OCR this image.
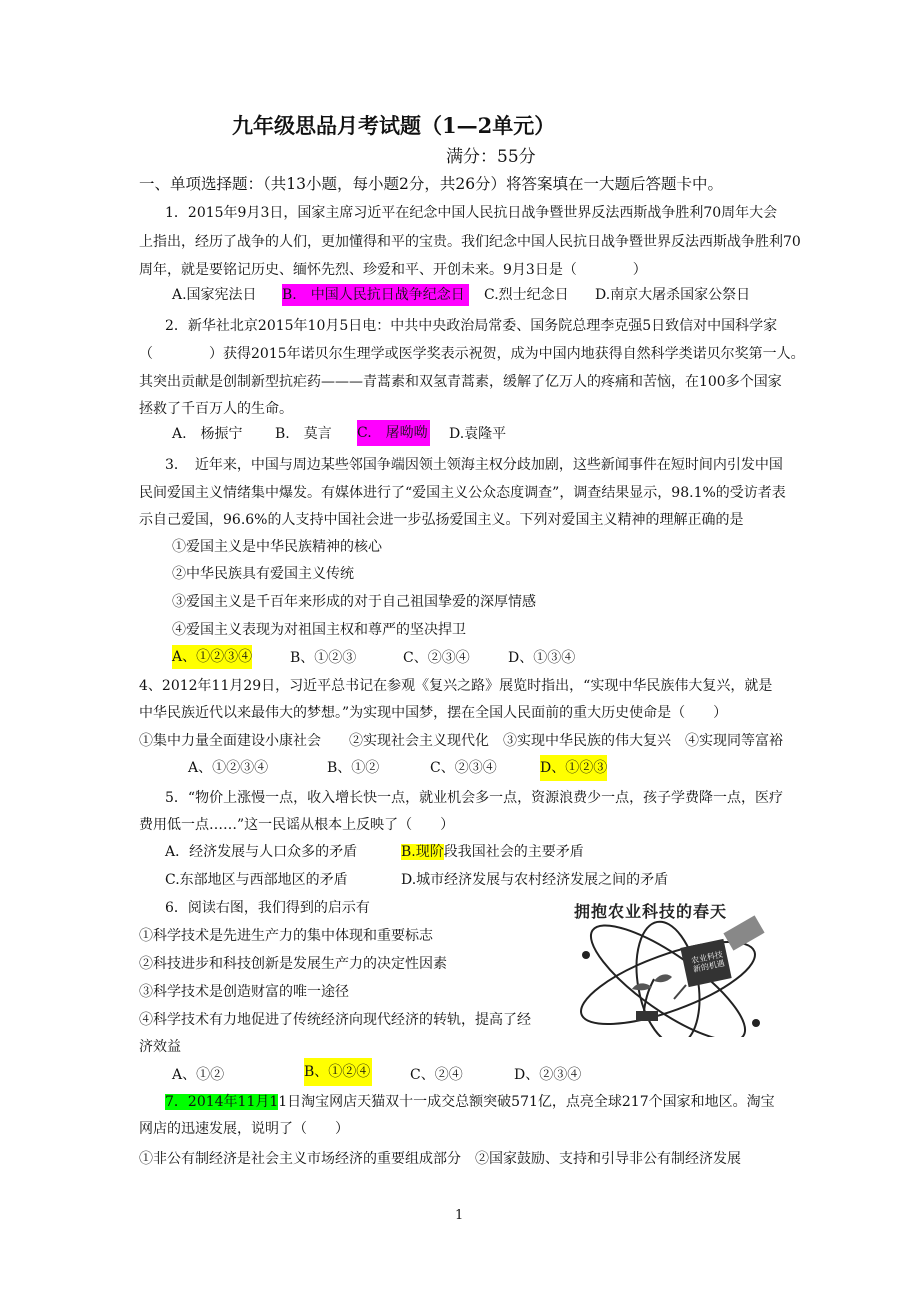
九年级思品月考试题（1—2单元）
满分：55分
一、单项选择题：（共13小题，每小题2分，共26分）将答案填在一大题后答题卡中。
1．2015年9月3日，国家主席习近平在纪念中国人民抗日战争暨世界反法西斯战争胜利70周年大会
上指出，经历了战争的人们，更加懂得和平的宝贵。我们纪念中国人民抗日战争暨世界反法西斯战争胜利70
周年，就是要铭记历史、缅怀先烈、珍爱和平、开创未来。9月3日是（　　　　）
A.国家宪法日 B.　中国人民抗日战争纪念日 C.烈士纪念日 D.南京大屠杀国家公祭日
2．新华社北京2015年10月5日电：中共中央政治局常委、国务院总理李克强5日致信对中国科学家
（　　　　）获得2015年诺贝尔生理学或医学奖表示祝贺，成为中国内地获得自然科学类诺贝尔奖第一人。
其突出贡献是创制新型抗疟药———青蒿素和双氢青蒿素，缓解了亿万人的疼痛和苦恼，在100多个国家
拯救了千百万人的生命。
A.　杨振宁 B.　莫言 C.　屠呦呦 D.袁隆平
3．　近年来，中国与周边某些邻国争端因领土领海主权分歧加剧，这些新闻事件在短时间内引发中国
民间爱国主义情绪集中爆发。有媒体进行了“爱国主义公众态度调查”，调查结果显示，98.1%的受访者表
示自己爱国，96.6%的人支持中国社会进一步弘扬爱国主义。下列对爱国主义精神的理解正确的是
①爱国主义是中华民族精神的核心
②中华民族具有爱国主义传统
③爱国主义是千百年来形成的对于自己祖国挚爱的深厚情感
④爱国主义表现为对祖国主权和尊严的坚决捍卫
A、①②③④	B、①②③	C、②③④	D、①③④
4、2012年11月29日，习近平总书记在参观《复兴之路》展览时指出，“实现中华民族伟大复兴，就是
中华民族近代以来最伟大的梦想。”为实现中国梦，摆在全国人民面前的重大历史使命是（　　）
①集中力量全面建设小康社会　　②实现社会主义现代化　③实现中华民族的伟大复兴　④实现同等富裕
A、①②③④	B、①②	C、②③④	D、①②③
5．“物价上涨慢一点，收入增长快一点，就业机会多一点，资源浪费少一点，孩子学费降一点，医疗
费用低一点……”这一民谣从根本上反映了（　　）
A．经济发展与人口众多的矛盾	B.现阶段我国社会的主要矛盾
C.东部地区与西部地区的矛盾	D.城市经济发展与农村经济发展之间的矛盾
6．阅读右图，我们得到的启示有
①科学技术是先进生产力的集中体现和重要标志
②科技进步和科技创新是发展生产力的决定性因素
③科学技术是创造财富的唯一途径
④科学技术有力地促进了传统经济向现代经济的转轨，提高了经
济效益
A、①②	B、①②④	C、②④	D、②③④
拥抱农业科技的春天
农业科技 新的机遇
7．2014年11月11日淘宝网店天猫双十一成交总额突破571亿，点亮全球217个国家和地区。淘宝
网店的迅速发展，说明了（　　）
①非公有制经济是社会主义市场经济的重要组成部分　②国家鼓励、支持和引导非公有制经济发展
1
